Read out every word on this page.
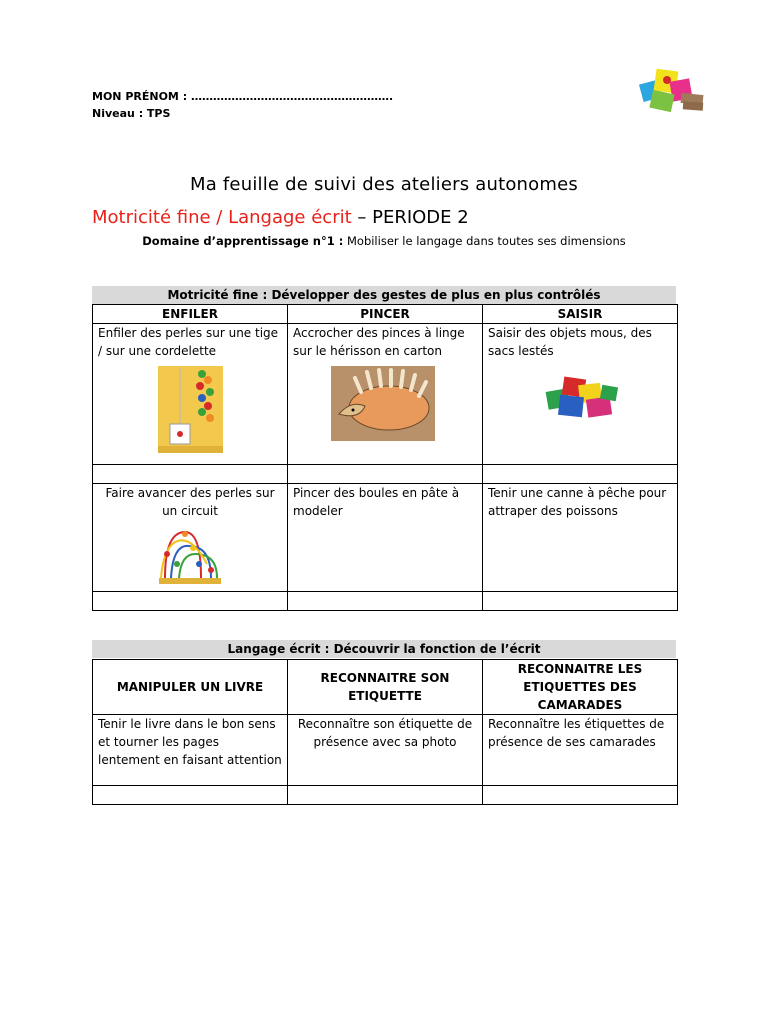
MON PRÉNOM : ……………………………………………….
Niveau : TPS
Ma feuille de suivi des ateliers autonomes
Motricité fine / Langage écrit – PERIODE 2
Domaine d’apprentissage n°1 : Mobiliser le langage dans toutes ses dimensions
Motricité fine : Développer des gestes de plus en plus contrôlés
ENFILER	PINCER	SAISIR

Enfiler des perles sur une tige / sur une cordelette	Accrocher des pinces à linge sur le hérisson en carton	Saisir des objets mous, des sacs lestés

Faire avancer des perles sur un circuit	Pincer des boules en pâte à modeler	Tenir une canne à pêche pour attraper des poissons

Langage écrit : Découvrir la fonction de l’écrit
MANIPULER UN LIVRE	RECONNAITRE SON ETIQUETTE	RECONNAITRE LES ETIQUETTES DES CAMARADES

Tenir le livre dans le bon sens et tourner les pages lentement en faisant attention	Reconnaître son étiquette de présence avec sa photo	Reconnaître les étiquettes de présence de ses camarades
